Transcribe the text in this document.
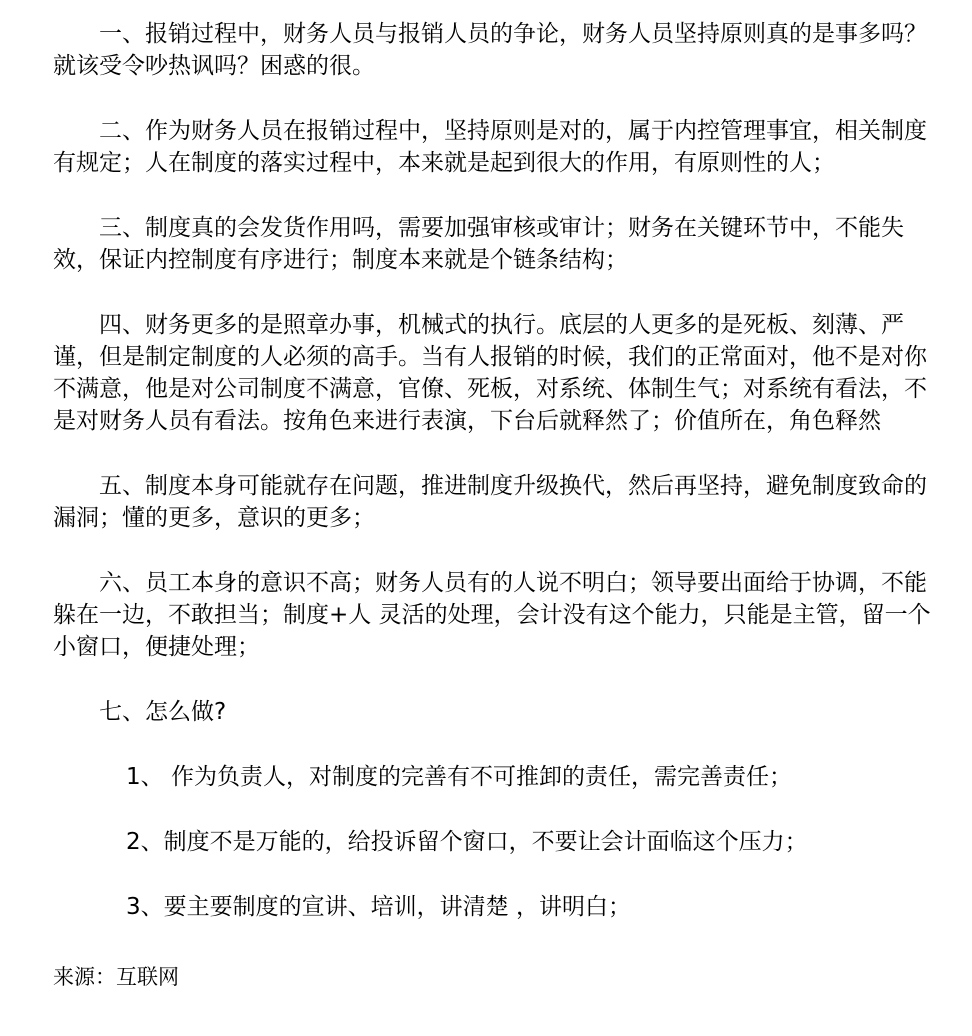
一、报销过程中，财务人员与报销人员的争论，财务人员坚持原则真的是事多吗？就该受令吵热讽吗？困惑的很。

二、作为财务人员在报销过程中，坚持原则是对的，属于内控管理事宜，相关制度有规定；人在制度的落实过程中，本来就是起到很大的作用，有原则性的人；

三、制度真的会发货作用吗，需要加强审核或审计；财务在关键环节中，不能失效，保证内控制度有序进行；制度本来就是个链条结构；

四、财务更多的是照章办事，机械式的执行。底层的人更多的是死板、刻薄、严谨，但是制定制度的人必须的高手。当有人报销的时候，我们的正常面对，他不是对你不满意，他是对公司制度不满意，官僚、死板，对系统、体制生气；对系统有看法，不是对财务人员有看法。按角色来进行表演，下台后就释然了；价值所在，角色释然

五、制度本身可能就存在问题，推进制度升级换代，然后再坚持，避免制度致命的漏洞；懂的更多，意识的更多；

六、员工本身的意识不高；财务人员有的人说不明白；领导要出面给于协调，不能躲在一边，不敢担当；制度+人 灵活的处理，会计没有这个能力，只能是主管，留一个小窗口，便捷处理；

七、怎么做?

1、 作为负责人，对制度的完善有不可推卸的责任，需完善责任；

2、制度不是万能的，给投诉留个窗口，不要让会计面临这个压力；

3、要主要制度的宣讲、培训，讲清楚 ，讲明白；

来源：互联网
